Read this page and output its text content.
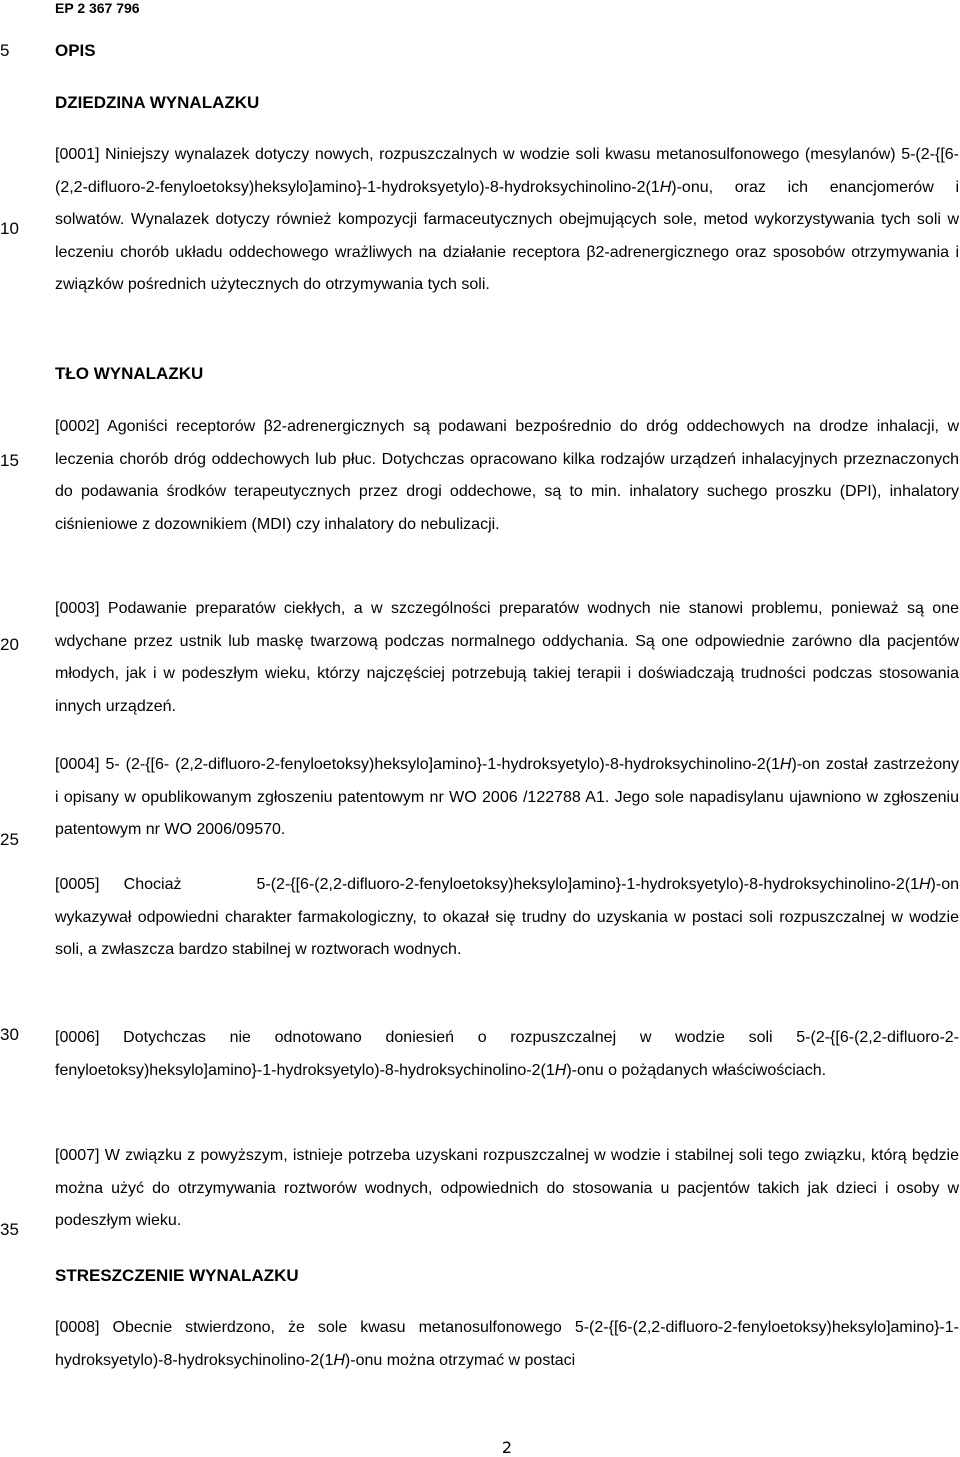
EP 2 367 796
5
10
15
20
25
30
35
OPIS
DZIEDZINA WYNALAZKU
TŁO WYNALAZKU
STRESZCZENIE WYNALAZKU

[0001] Niniejszy wynalazek dotyczy nowych, rozpuszczalnych w wodzie soli kwasu metanosulfonowego (mesylanów) 5-(2-{[6-(2,2-difluoro-2-fenyloetoksy)heksylo]amino}-1-hydroksyetylo)-8-hydroksychinolino-2(1H)-onu, oraz ich enancjomerów i solwatów. Wynalazek dotyczy również kompozycji farmaceutycznych obejmujących sole, metod wykorzystywania tych soli w leczeniu chorób układu oddechowego wrażliwych na działanie receptora β2-adrenergicznego oraz sposobów otrzymywania i związków pośrednich użytecznych do otrzymywania tych soli.

[0002] Agoniści receptorów β2-adrenergicznych są podawani bezpośrednio do dróg oddechowych na drodze inhalacji, w leczenia chorób dróg oddechowych lub płuc. Dotychczas opracowano kilka rodzajów urządzeń inhalacyjnych przeznaczonych do podawania środków terapeutycznych przez drogi oddechowe, są to min. inhalatory suchego proszku (DPI), inhalatory ciśnieniowe z dozownikiem (MDI) czy inhalatory do nebulizacji.

[0003] Podawanie preparatów ciekłych, a w szczególności preparatów wodnych nie stanowi problemu, ponieważ są one wdychane przez ustnik lub maskę twarzową podczas normalnego oddychania. Są one odpowiednie zarówno dla pacjentów młodych, jak i w podeszłym wieku, którzy najczęściej potrzebują takiej terapii i doświadczają trudności podczas stosowania innych urządzeń.

[0004] 5- (2-{[6- (2,2-difluoro-2-fenyloetoksy)heksylo]amino}-1-hydroksyetylo)-8-hydroksychinolino-2(1H)-on został zastrzeżony i opisany w opublikowanym zgłoszeniu patentowym nr WO 2006 /122788 A1. Jego sole napadisylanu ujawniono w zgłoszeniu patentowym nr WO 2006/09570.

[0005] Chociaż	5-(2-{[6-(2,2-difluoro-2-fenyloetoksy)heksylo]amino}-1-hydroksyetylo)-8-hydroksychinolino-2(1H)-on wykazywał odpowiedni charakter farmakologiczny, to okazał się trudny do uzyskania w postaci soli rozpuszczalnej w wodzie soli, a zwłaszcza bardzo stabilnej w roztworach wodnych.

[0006] Dotychczas nie odnotowano doniesień o rozpuszczalnej w wodzie soli 5-(2-{[6-(2,2-difluoro-2-fenyloetoksy)heksylo]amino}-1-hydroksyetylo)-8-hydroksychinolino-2(1H)-onu o pożądanych właściwościach.

[0007] W związku z powyższym, istnieje potrzeba uzyskani rozpuszczalnej w wodzie i stabilnej soli tego związku, którą będzie można użyć do otrzymywania roztworów wodnych, odpowiednich do stosowania u pacjentów takich jak dzieci i osoby w podeszłym wieku.

[0008] Obecnie stwierdzono, że sole kwasu metanosulfonowego 5-(2-{[6-(2,2-difluoro-2-fenyloetoksy)heksylo]amino}-1-hydroksyetylo)-8-hydroksychinolino-2(1H)-onu można otrzymać w postaci

2
